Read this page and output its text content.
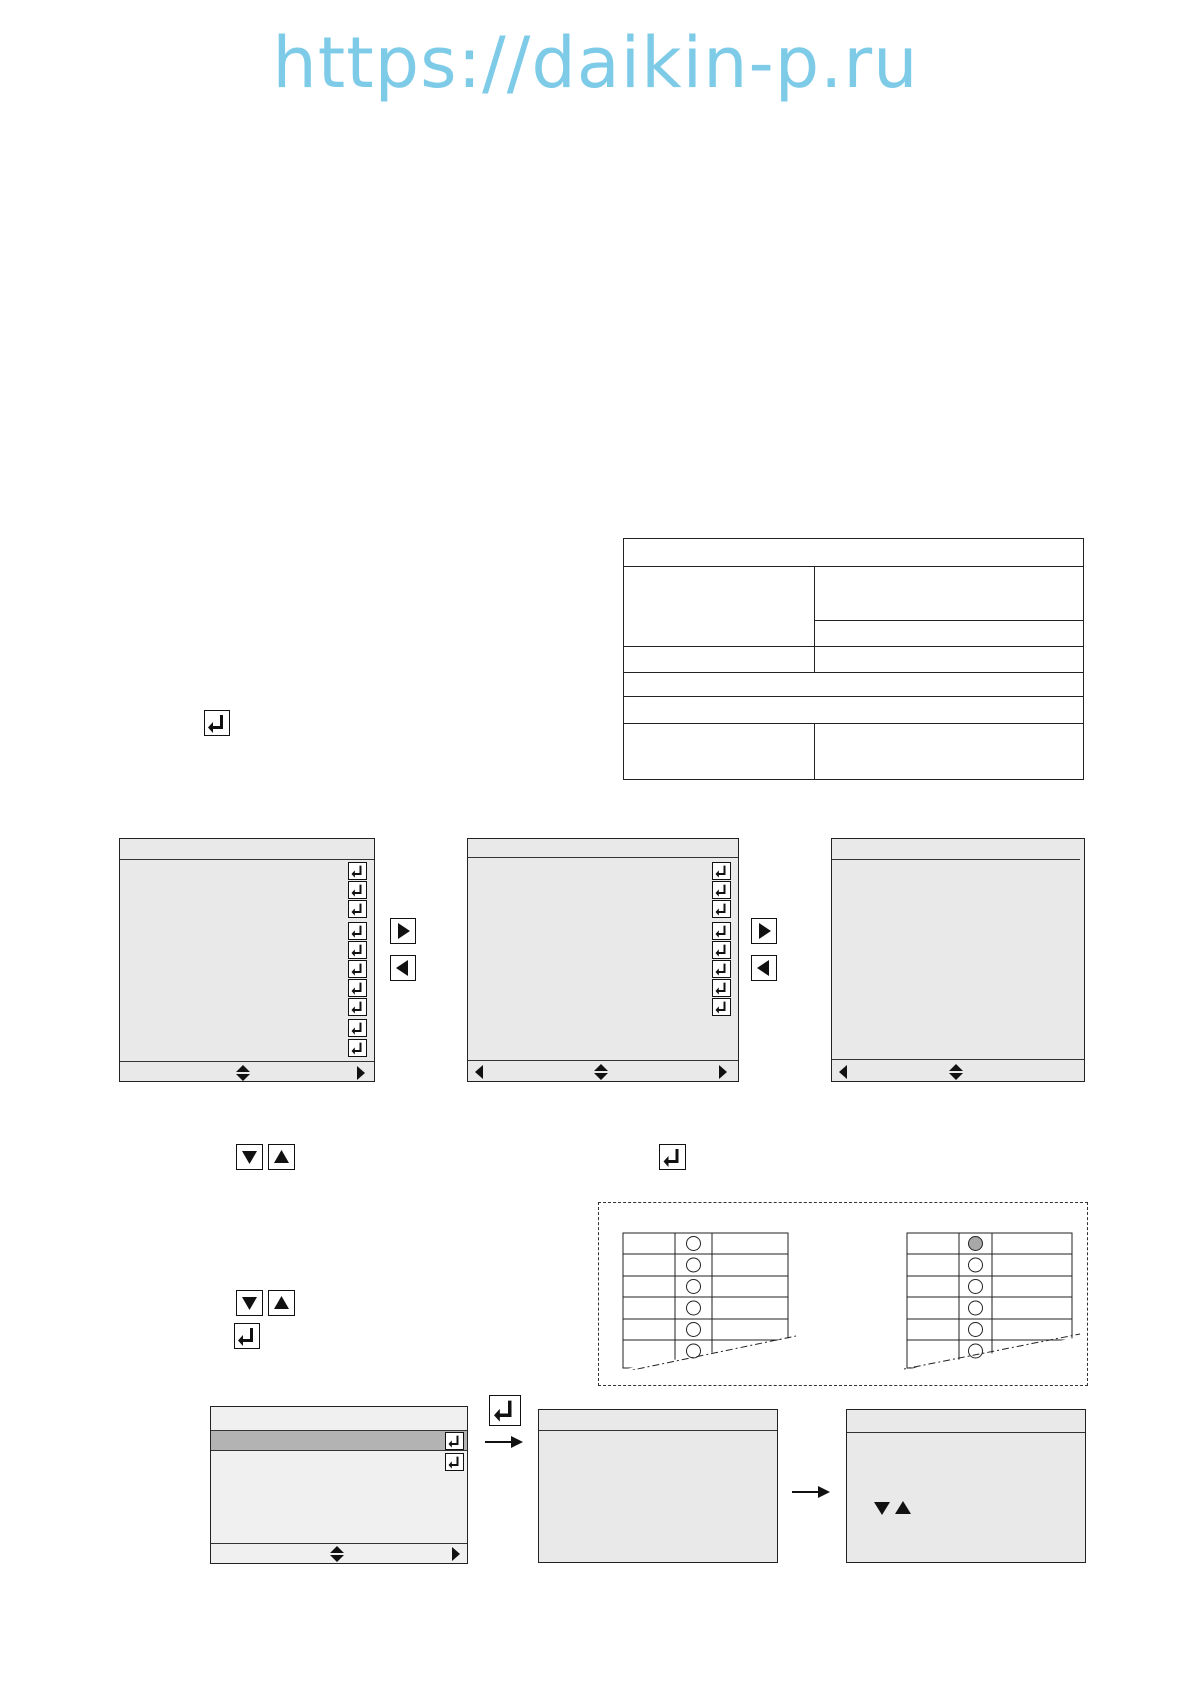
https://daikin-p.ru
